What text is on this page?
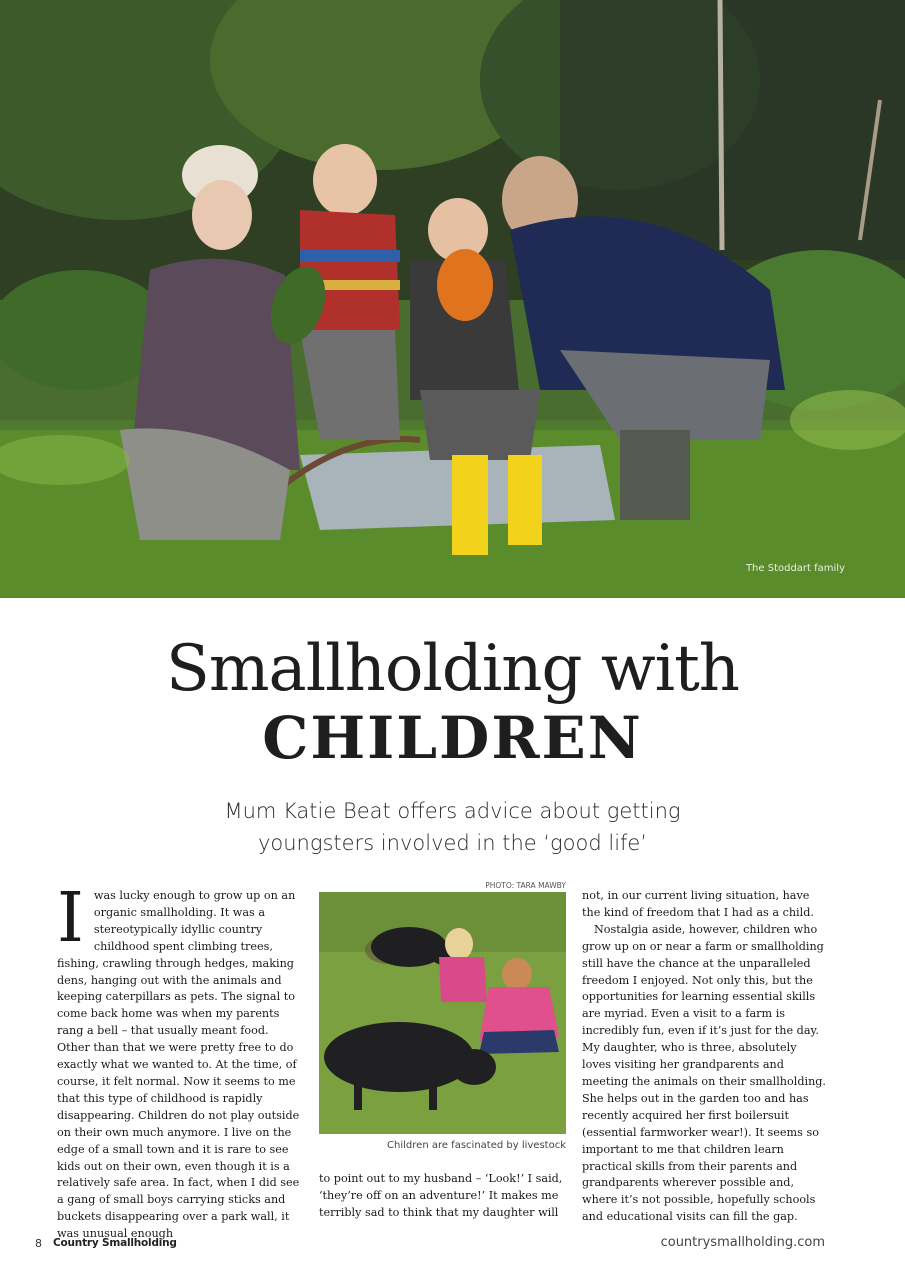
The Stoddart family
Smallholding with
CHILDREN
Mum Katie Beat offers advice about getting youngsters involved in the ‘good life’

Iwas lucky enough to grow up on an organic smallholding. It was a stereotypically idyllic country childhood spent climbing trees, fishing, crawling through hedges, making dens, hanging out with the animals and keeping caterpillars as pets. The signal to come back home was when my parents rang a bell – that usually meant food. Other than that we were pretty free to do exactly what we wanted to. At the time, of course, it felt normal. Now it seems to me that this type of childhood is rapidly disappearing. Children do not play outside on their own much anymore. I live on the edge of a small town and it is rare to see kids out on their own, even though it is a relatively safe area. In fact, when I did see a gang of small boys carrying sticks and buckets disappearing over a park wall, it was unusual enough

PHOTO: TARA MAWBY
Children are fascinated by livestock

to point out to my husband – ‘Look!’ I said, ‘they’re off on an adventure!’ It makes me terribly sad to think that my daughter will

not, in our current living situation, have the kind of freedom that I had as a child.

Nostalgia aside, however, children who grow up on or near a farm or smallholding still have the chance at the unparalleled freedom I enjoyed. Not only this, but the opportunities for learning essential skills are myriad. Even a visit to a farm is incredibly fun, even if it’s just for the day. My daughter, who is three, absolutely loves visiting her grandparents and meeting the animals on their smallholding. She helps out in the garden too and has recently acquired her first boilersuit (essential farmworker wear!). It seems so important to me that children learn practical skills from their parents and grandparents wherever possible and, where it’s not possible, hopefully schools and educational visits can fill the gap.

8 Country Smallholding	countrysmallholding.com
